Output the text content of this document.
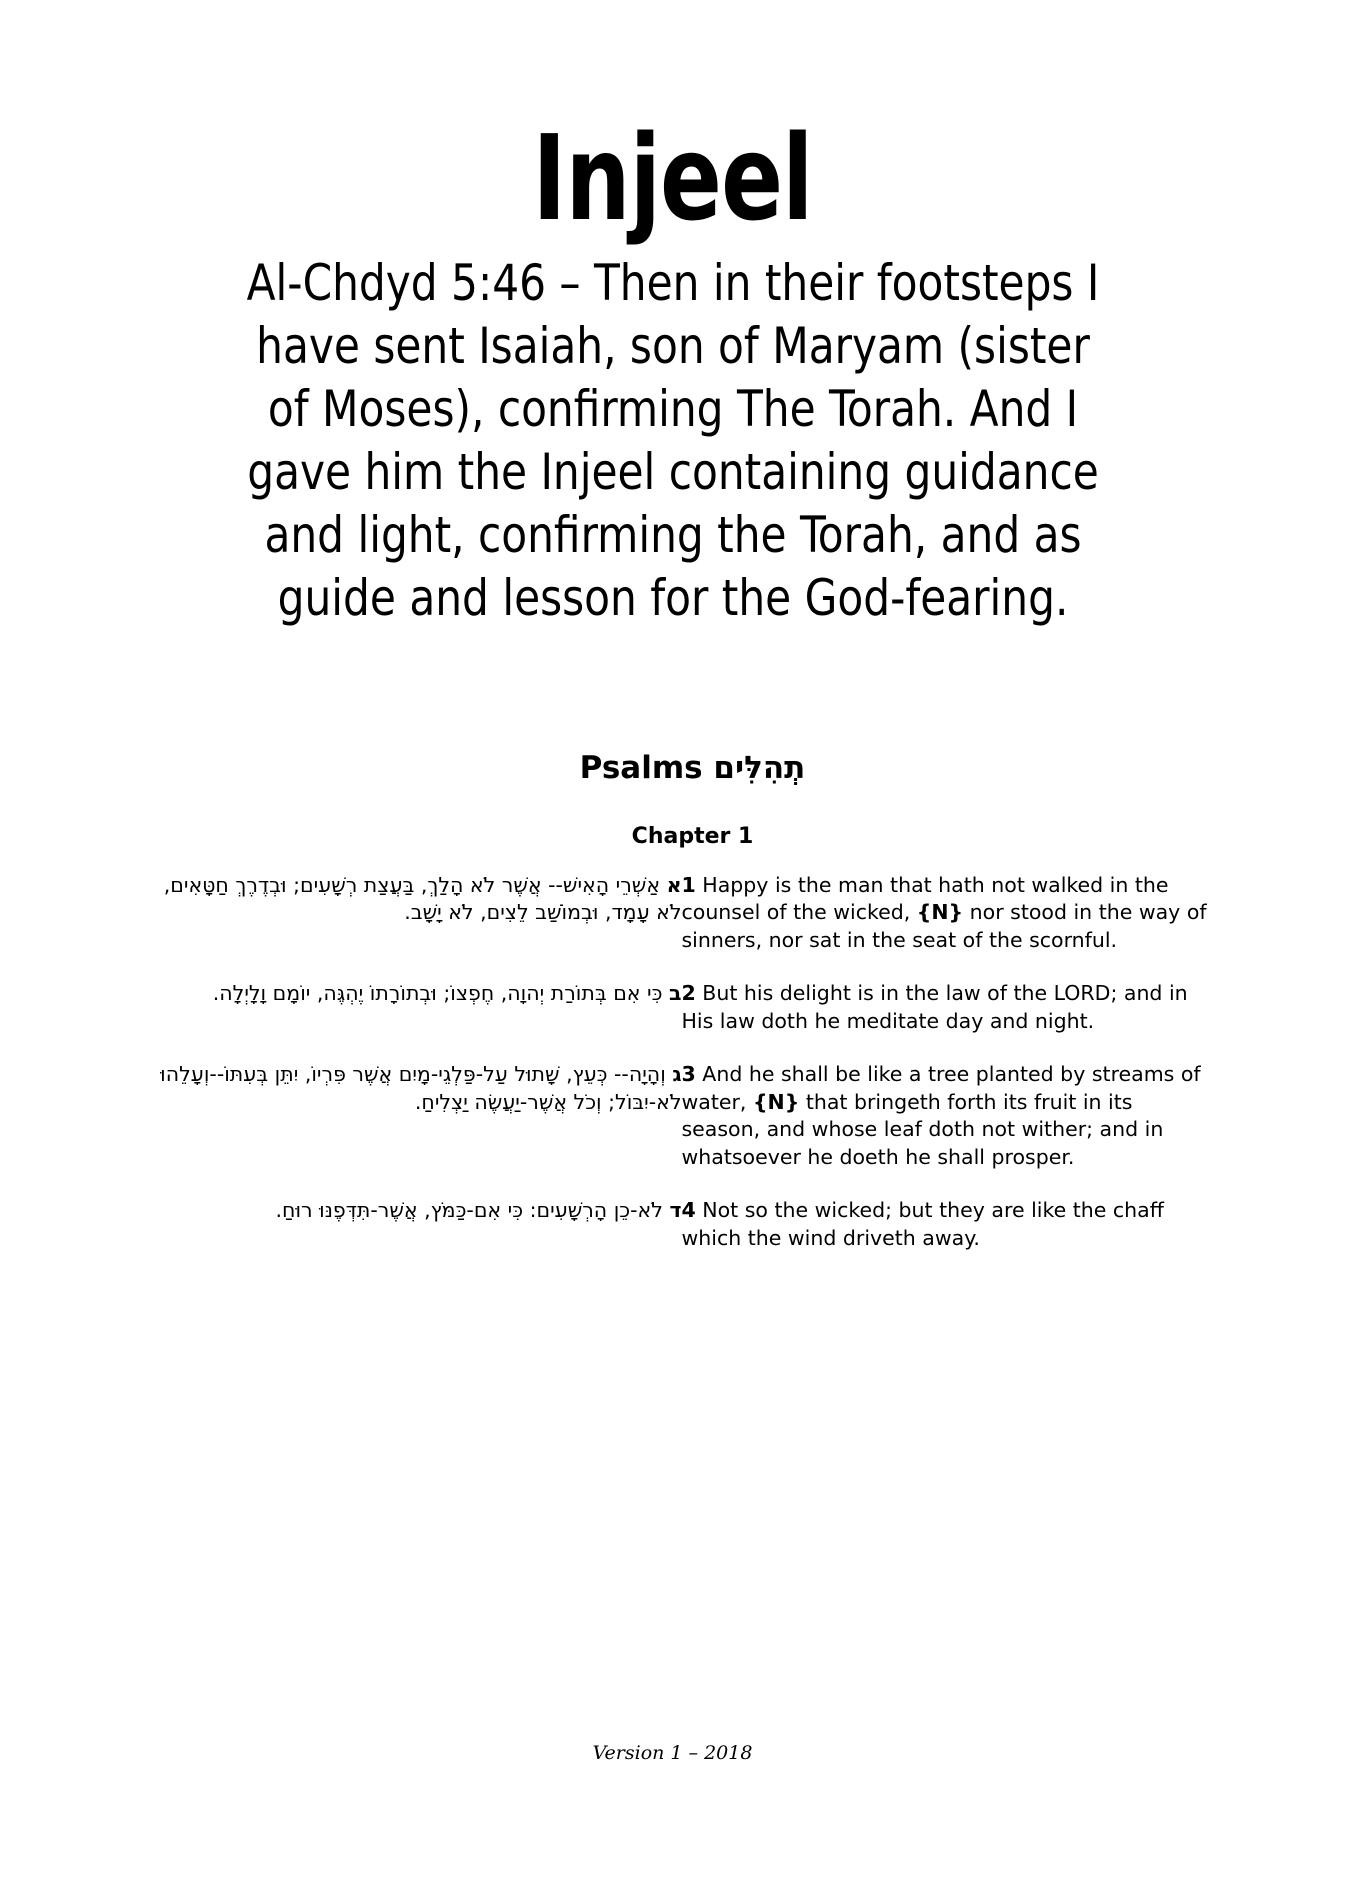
Injeel

Al-Chdyd 5:46 – Then in their footsteps I have sent Isaiah, son of Maryam (sister of Moses), confirming The Torah. And I gave him the Injeel containing guidance and light, confirming the Torah, and as guide and lesson for the God-fearing.

Psalms תְהִלִּים
Chapter 1
א אַשְׁרֵי הָאִישׁ-- אֲשֶׁר לֹא הָלַךְ, בַּעֲצַת רְשָׁעִים; וּבְדֶרֶךְ חַטָּאִים, לֹא עָמָד, וּבְמוֹשַׁב לֵצִים, לֹא יָשָׁב.	1 Happy is the man that hath not walked in the counsel of the wicked, {N} nor stood in the way of sinners, nor sat in the seat of the scornful.
ב כִּי אִם בְּתוֹרַת יְהוָה, חֶפְצוֹ; וּבְתוֹרָתוֹ יֶהְגֶּה, יוֹמָם וָלָיְלָה.	2 But his delight is in the law of the LORD; and in His law doth he meditate day and night.
ג וְהָיָה-- כְּעֵץ, שָׁתוּל עַל-פַּלְגֵי-מָיִם אֲשֶׁר פִּרְיוֹ, יִתֵּן בְּעִתּוֹ--וְעָלֵהוּ לֹא-יִבּוֹל; וְכֹל אֲשֶׁר-יַעֲשֶׂה יַצְלִיחַ.	3 And he shall be like a tree planted by streams of water, {N} that bringeth forth its fruit in its season, and whose leaf doth not wither; and in whatsoever he doeth he shall prosper.
ד לֹא-כֵן הָרְשָׁעִים: כִּי אִם-כַּמֹּץ, אֲשֶׁר-תִּדְּפֶנּוּ רוּחַ.	4 Not so the wicked; but they are like the chaff which the wind driveth away.
Version 1 – 2018
